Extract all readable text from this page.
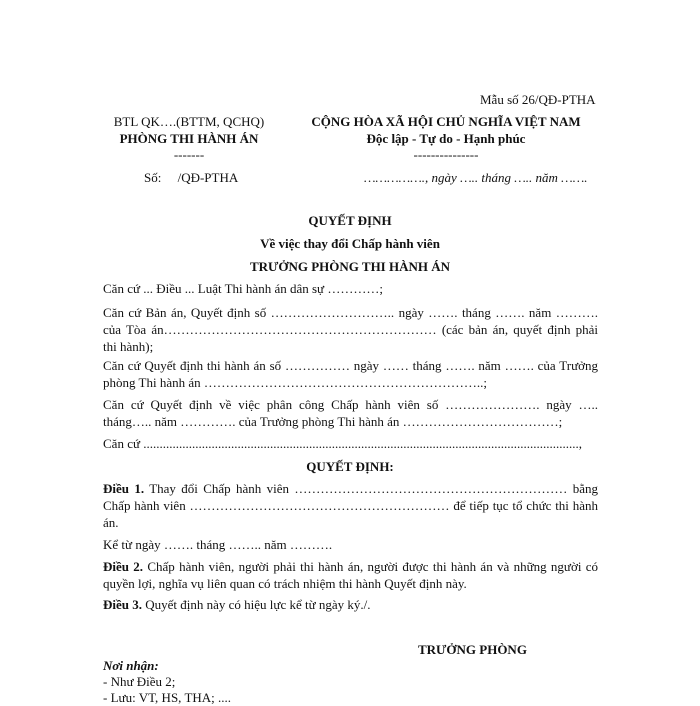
Mẫu số 26/QĐ-PTHA
BTL QK….(BTTM, QCHQ)
PHÒNG THI HÀNH ÁN
-------
Số:     /QĐ-PTHA
CỘNG HÒA XÃ HỘI CHỦ NGHĨA VIỆT NAM
Độc lập - Tự do - Hạnh phúc
---------------
……………., ngày ….. tháng ….. năm …….
QUYẾT ĐỊNH
Về việc thay đổi Chấp hành viên
TRƯỞNG PHÒNG THI HÀNH ÁN
Căn cứ ... Điều ... Luật Thi hành án dân sự …………;
Căn cứ Bản án, Quyết định số ……………………….. ngày ……. tháng ……. năm ………. của Tòa án……………………………………………………… (các bản án, quyết định phải thi hành);
Căn cứ Quyết định thi hành án số …………… ngày …… tháng ……. năm ……. của Trưởng phòng Thi hành án ………………………………………………………..;
Căn cứ Quyết định về việc phân công Chấp hành viên số …………………. ngày ….. tháng….. năm …………. của Trưởng phòng Thi hành án ………………………………;
Căn cứ ......................................................................................................................................,
QUYẾT ĐỊNH:
Điều 1. Thay đổi Chấp hành viên ……………………………………………………… bằng Chấp hành viên …………………………………………………… để tiếp tục tổ chức thi hành án.
Kể từ ngày ……. tháng …….. năm ……….
Điều 2. Chấp hành viên, người phải thi hành án, người được thi hành án và những người có quyền lợi, nghĩa vụ liên quan có trách nhiệm thi hành Quyết định này.
Điều 3. Quyết định này có hiệu lực kể từ ngày ký./.
TRƯỞNG PHÒNG
Nơi nhận:
- Như Điều 2;
- Lưu: VT, HS, THA; ....
